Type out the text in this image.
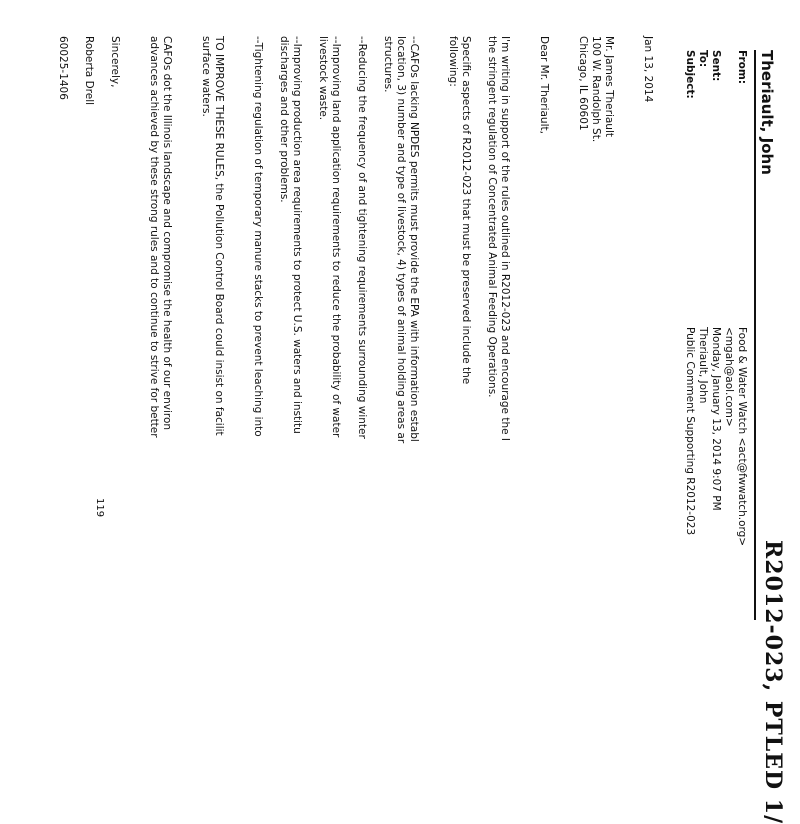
R2012-023, PTLED 1/
Theriault, John
From:
Food & Water Watch <act@fwwatch.org>
<mgah@aol.com>
Sent:
Monday, January 13, 2014 9:07 PM
To:
Theriault, John
Subject:
Public Comment Supporting R2012-023
Jan 13, 2014
Mr. James Theriault
100 W. Randolph St.
Chicago, IL 60601
Dear Mr. Theriault,
I'm writing in support of the rules outlined in R2012-023 and encourage the I
the stringent regulation of Concentrated Animal Feeding Operations.
Specific aspects of R2012-023 that must be preserved include the
following:
--CAFOs lacking NPDES permits must provide the EPA with information establ
location, 3) number and type of livestock, 4) types of animal holding areas ar
structures.
--Reducing the frequency of and tightening requirements surrounding winter
--Improving land application requirements to reduce the probability of water
livestock waste.
--Improving production area requirements to protect U.S. waters and institu
discharges and other problems.
--Tightening regulation of temporary manure stacks to prevent leaching into
TO IMPROVE THESE RULES, the Pollution Control Board could insist on facilit
surface waters.
CAFOs dot the Illinois landscape and compromise the health of our environ
advances achieved by these strong rules and to continue to strive for better
Sincerely,
Roberta Drell
60025-1406
119
